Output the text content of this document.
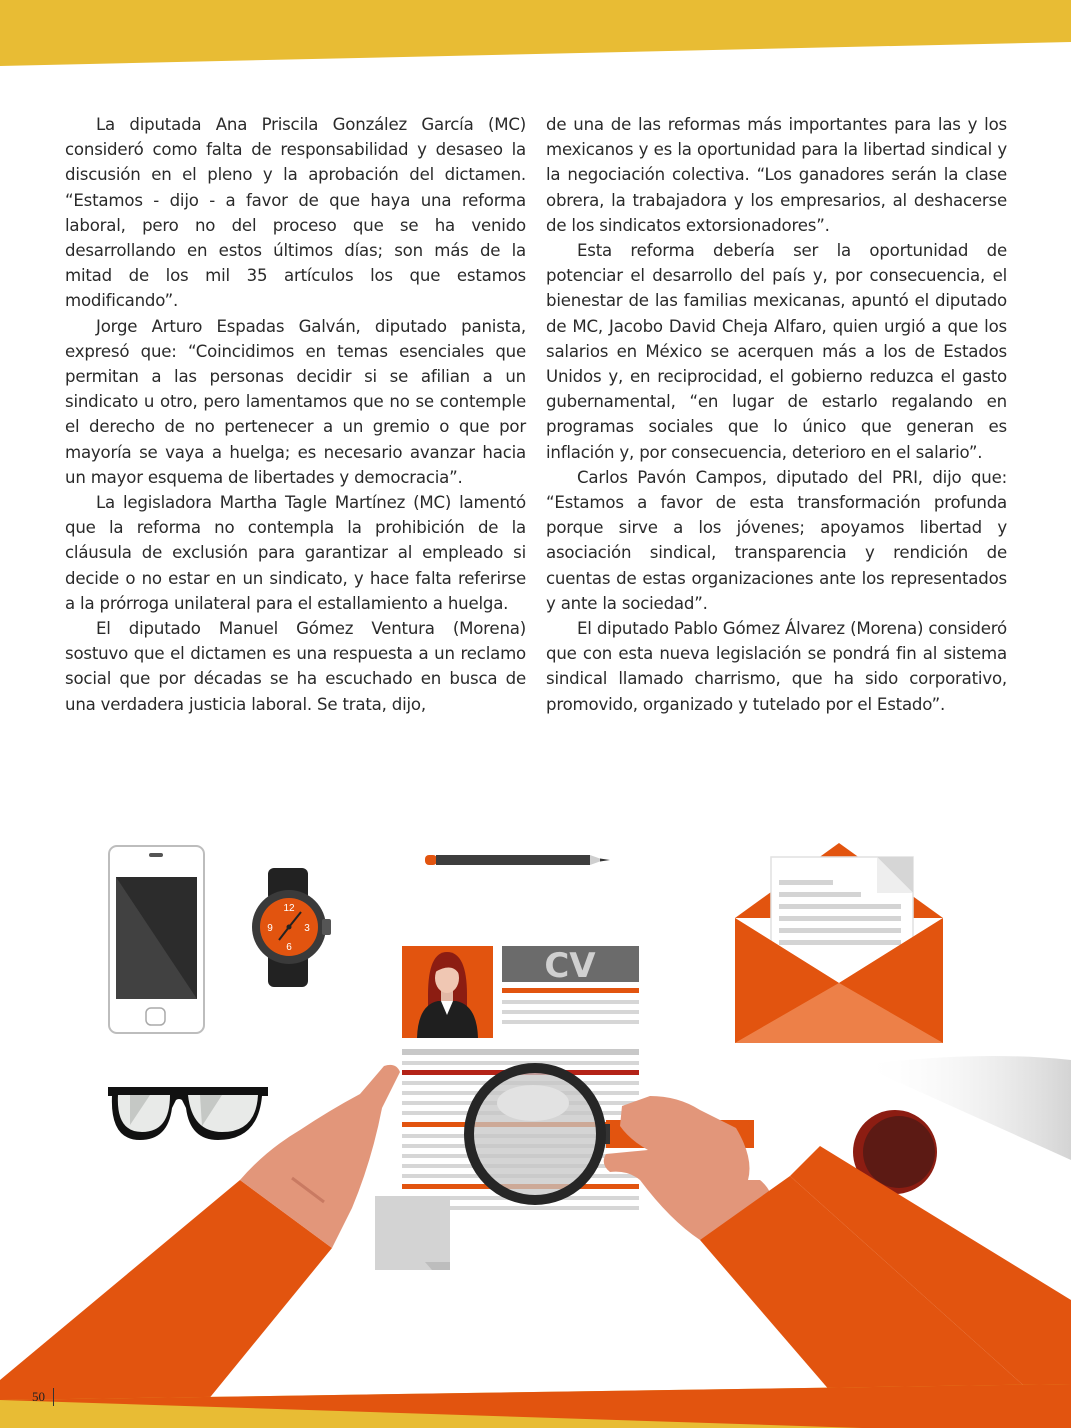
La diputada Ana Priscila González García (MC) consideró como falta de responsabilidad y desaseo la discusión en el pleno y la aprobación del dictamen. “Estamos - dijo - a favor de que haya una reforma laboral, pero no del proceso que se ha venido desarrollando en estos últimos días; son más de la mitad de los mil 35 artículos los que estamos modificando”.

Jorge Arturo Espadas Galván, diputado panista, expresó que: “Coincidimos en temas esenciales que permitan a las personas decidir si se afilian a un sindicato u otro, pero lamentamos que no se contemple el derecho de no pertenecer a un gremio o que por mayoría se vaya a huelga; es necesario avanzar hacia un mayor esquema de libertades y democracia”.

La legisladora Martha Tagle Martínez (MC) lamentó que la reforma no contempla la prohibición de la cláusula de exclusión para garantizar al empleado si decide o no estar en un sindicato, y hace falta referirse a la prórroga unilateral para el estallamiento a huelga.

El diputado Manuel Gómez Ventura (Morena) sostuvo que el dictamen es una respuesta a un reclamo social que por décadas se ha escuchado en busca de una verdadera justicia laboral. Se trata, dijo,

de una de las reformas más importantes para las y los mexicanos y es la oportunidad para la libertad sindical y la negociación colectiva. “Los ganadores serán la clase obrera, la trabajadora y los empresarios, al deshacerse de los sindicatos extorsionadores”.

Esta reforma debería ser la oportunidad de potenciar el desarrollo del país y, por consecuencia, el bienestar de las familias mexicanas, apuntó el diputado de MC, Jacobo David Cheja Alfaro, quien urgió a que los salarios en México se acerquen más a los de Estados Unidos y, en reciprocidad, el gobierno reduzca el gasto gubernamental, “en lugar de estarlo regalando en programas sociales que lo único que generan es inflación y, por consecuencia, deterioro en el salario”.

Carlos Pavón Campos, diputado del PRI, dijo que: “Estamos a favor de esta transformación profunda porque sirve a los jóvenes; apoyamos libertad y asociación sindical, transparencia y rendición de cuentas de estas organizaciones ante los representados y ante la sociedad”.

El diputado Pablo Gómez Álvarez (Morena) consideró que con esta nueva legislación se pondrá fin al sistema sindical llamado charrismo, que ha sido corporativo, promovido, organizado y tutelado por el Estado”.

12
3
6
9
CV
50
